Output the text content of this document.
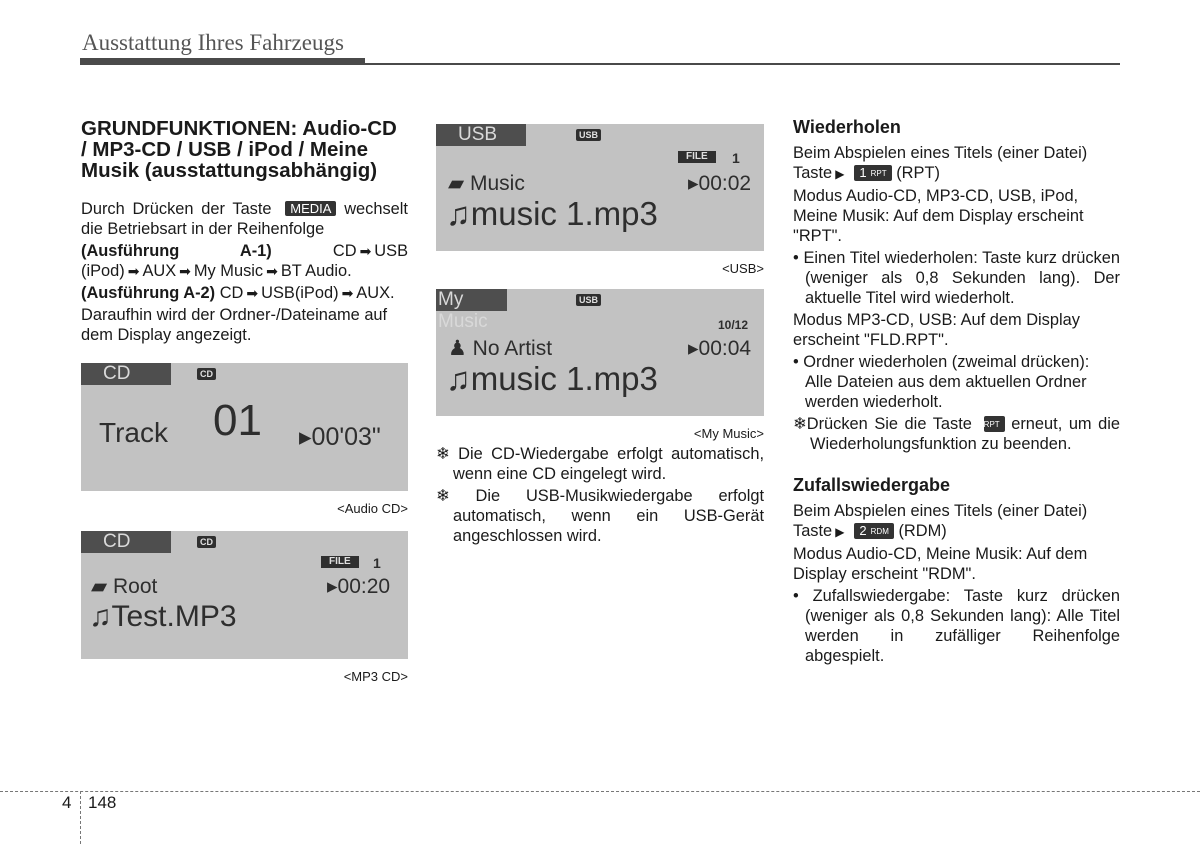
Ausstattung Ihres Fahrzeugs
GRUNDFUNKTIONEN: Audio-CD / MP3-CD / USB / iPod / Meine Musik (ausstattungsabhängig)

Durch Drücken der Taste MEDIA wechselt die Betriebsart in der Reihenfolge

(Ausführung A-1)	CD ➡ USB (iPod) ➡ AUX ➡ My Music ➡ BT Audio.

(Ausführung A-2) CD ➡ USB(iPod) ➡ AUX.

Daraufhin wird der Ordner-/Dateiname auf dem Display angezeigt.

CD	CD
Track 01 ▸00'03"
<Audio CD>
CD	CD
FILE	1
▰ Root	▸00:20
♫Test.MP3
<MP3 CD>
USB	USB
FILE	1
▰ Music	▸00:02
♫music 1.mp3
<USB>
My Music
USB
10/12
♟ No Artist	▸00:04
♫music 1.mp3
<My Music>

❄ Die CD-Wiedergabe erfolgt automatisch, wenn eine CD eingelegt wird.

❄ Die USB-Musikwiedergabe erfolgt automatisch, wenn ein USB-Gerät angeschlossen wird.

Wiederholen

Beim Abspielen eines Titels (einer Datei) Taste ▶ 1 RPT (RPT)

Modus Audio-CD, MP3-CD, USB, iPod, Meine Musik: Auf dem Display erscheint "RPT".

• Einen Titel wiederholen: Taste kurz drücken (weniger als 0,8 Sekunden lang). Der aktuelle Titel wird wiederholt.

Modus MP3-CD, USB: Auf dem Display erscheint "FLD.RPT".

• Ordner wiederholen (zweimal drücken): Alle Dateien aus dem aktuellen Ordner werden wiederholt.

❄Drücken Sie die Taste 1 RPT erneut, um die Wiederholungsfunktion zu beenden.

Zufallswiedergabe

Beim Abspielen eines Titels (einer Datei) Taste ▶ 2 RDM (RDM)

Modus Audio-CD, Meine Musik: Auf dem Display erscheint "RDM".

• Zufallswiedergabe: Taste kurz drücken (weniger als 0,8 Sekunden lang): Alle Titel werden in zufälliger Reihenfolge abgespielt.

4 148
